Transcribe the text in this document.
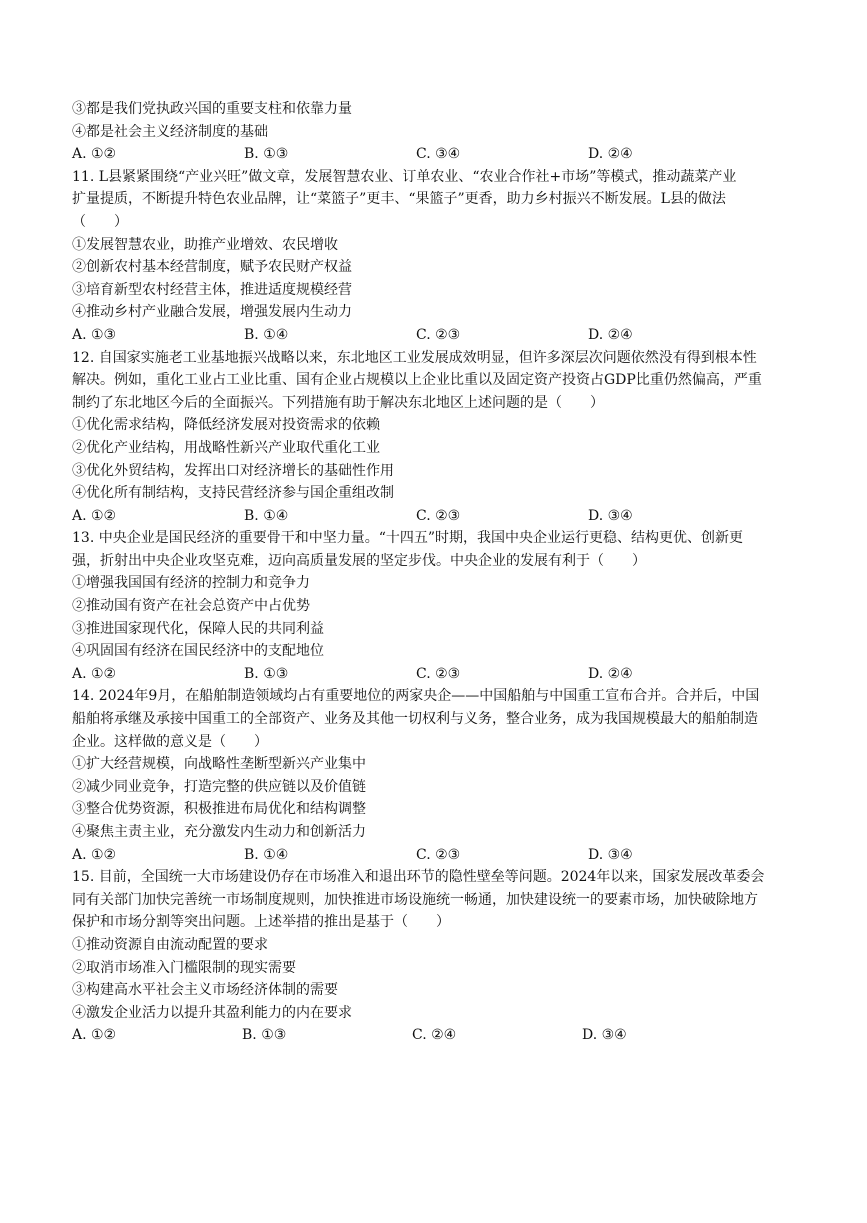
③都是我们党执政兴国的重要支柱和依靠力量
④都是社会主义经济制度的基础
A. ①②	B. ①③	C. ③④	D. ②④
11. L县紧紧围绕“产业兴旺”做文章，发展智慧农业、订单农业、“农业合作社+市场”等模式，推动蔬菜产业
扩量提质，不断提升特色农业品牌，让“菜篮子”更丰、“果篮子”更香，助力乡村振兴不断发展。L县的做法
（　　）
①发展智慧农业，助推产业增效、农民增收
②创新农村基本经营制度，赋予农民财产权益
③培育新型农村经营主体，推进适度规模经营
④推动乡村产业融合发展，增强发展内生动力
A. ①③	B. ①④	C. ②③	D. ②④
12. 自国家实施老工业基地振兴战略以来，东北地区工业发展成效明显，但许多深层次问题依然没有得到根本性
解决。例如，重化工业占工业比重、国有企业占规模以上企业比重以及固定资产投资占GDP比重仍然偏高，严重
制约了东北地区今后的全面振兴。下列措施有助于解决东北地区上述问题的是（　　）
①优化需求结构，降低经济发展对投资需求的依赖
②优化产业结构，用战略性新兴产业取代重化工业
③优化外贸结构，发挥出口对经济增长的基础性作用
④优化所有制结构，支持民营经济参与国企重组改制
A. ①②	B. ①④	C. ②③	D. ③④
13. 中央企业是国民经济的重要骨干和中坚力量。“十四五”时期，我国中央企业运行更稳、结构更优、创新更
强，折射出中央企业攻坚克难，迈向高质量发展的坚定步伐。中央企业的发展有利于（　　）
①增强我国国有经济的控制力和竞争力
②推动国有资产在社会总资产中占优势
③推进国家现代化，保障人民的共同利益
④巩固国有经济在国民经济中的支配地位
A. ①②	B. ①③	C. ②③	D. ②④
14. 2024年9月，在船舶制造领域均占有重要地位的两家央企——中国船舶与中国重工宣布合并。合并后，中国
船舶将承继及承接中国重工的全部资产、业务及其他一切权利与义务，整合业务，成为我国规模最大的船舶制造
企业。这样做的意义是（　　）
①扩大经营规模，向战略性垄断型新兴产业集中
②减少同业竞争，打造完整的供应链以及价值链
③整合优势资源，积极推进布局优化和结构调整
④聚焦主责主业，充分激发内生动力和创新活力
A. ①②	B. ①④	C. ②③	D. ③④
15. 目前，全国统一大市场建设仍存在市场准入和退出环节的隐性壁垒等问题。2024年以来，国家发展改革委会
同有关部门加快完善统一市场制度规则，加快推进市场设施统一畅通，加快建设统一的要素市场，加快破除地方
保护和市场分割等突出问题。上述举措的推出是基于（　　）
①推动资源自由流动配置的要求
②取消市场准入门槛限制的现实需要
③构建高水平社会主义市场经济体制的需要
④激发企业活力以提升其盈利能力的内在要求
A. ①②	B. ①③	C. ②④	D. ③④
